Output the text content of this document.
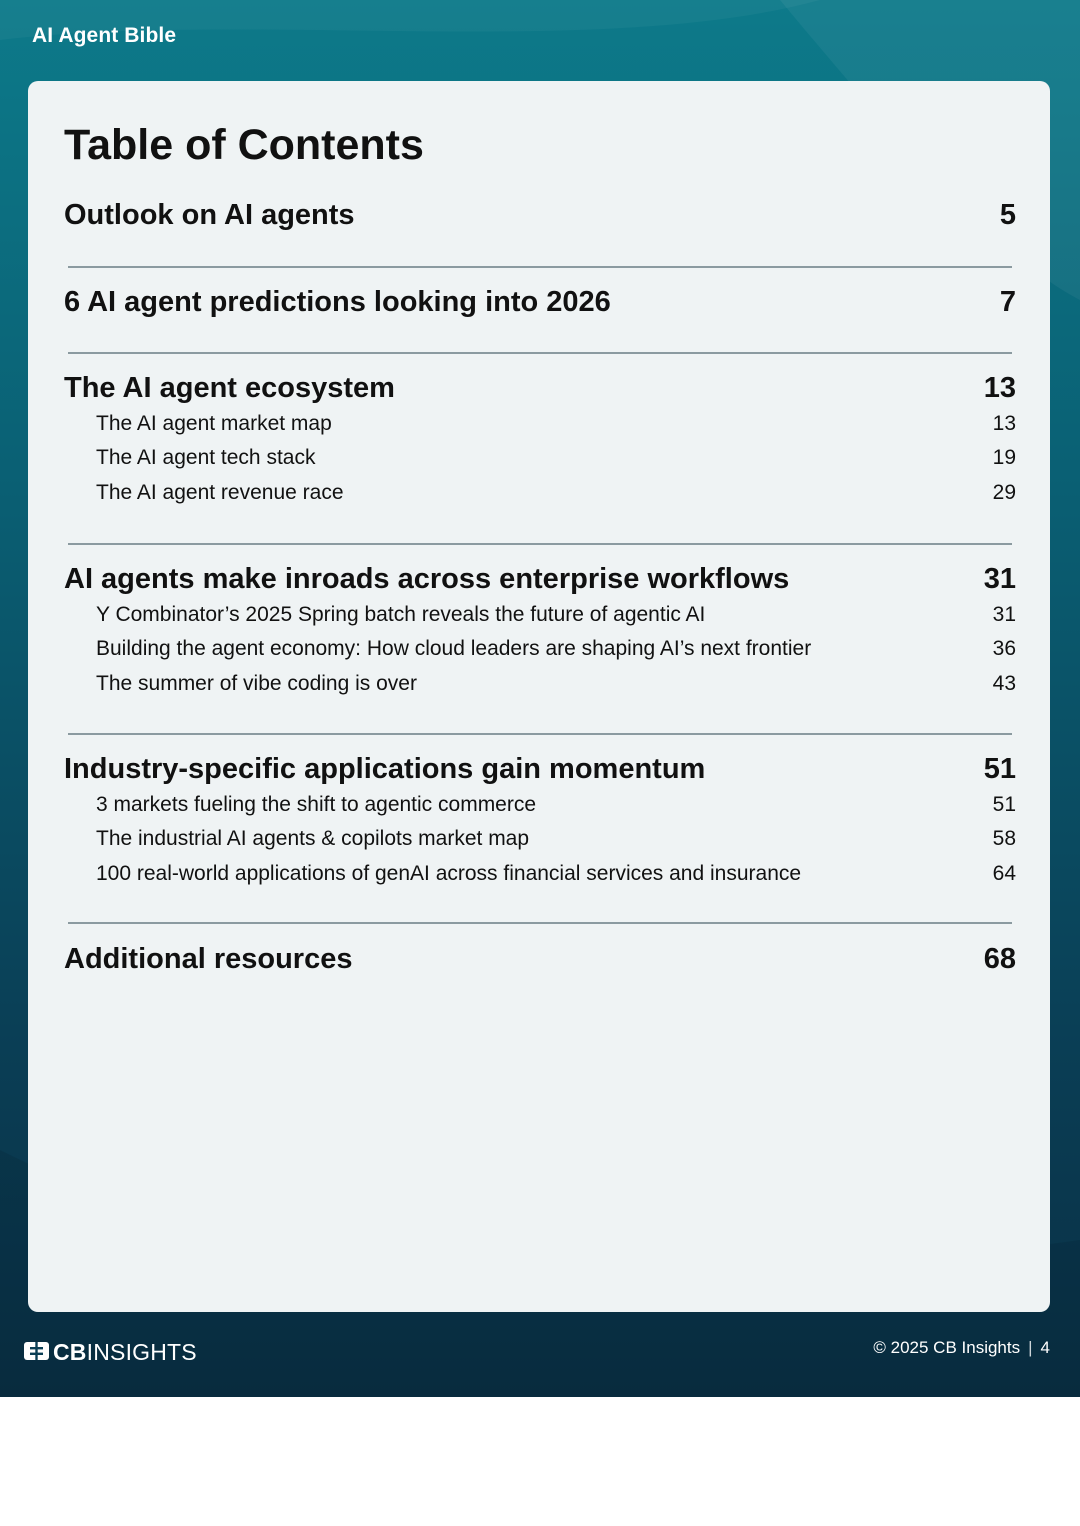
AI Agent Bible
Table of Contents
Outlook on AI agents	5
6 AI agent predictions looking into 2026	7
The AI agent ecosystem	13
The AI agent market map	13
The AI agent tech stack	19
The AI agent revenue race	29
AI agents make inroads across enterprise workflows	31
Y Combinator’s 2025 Spring batch reveals the future of agentic AI	31
Building the agent economy: How cloud leaders are shaping AI’s next frontier	36
The summer of vibe coding is over	43
Industry-specific applications gain momentum	51
3 markets fueling the shift to agentic commerce	51
The industrial AI agents & copilots market map	58
100 real-world applications of genAI across financial services and insurance	64
Additional resources	68
CBINSIGHTS	© 2025 CB Insights | 4
